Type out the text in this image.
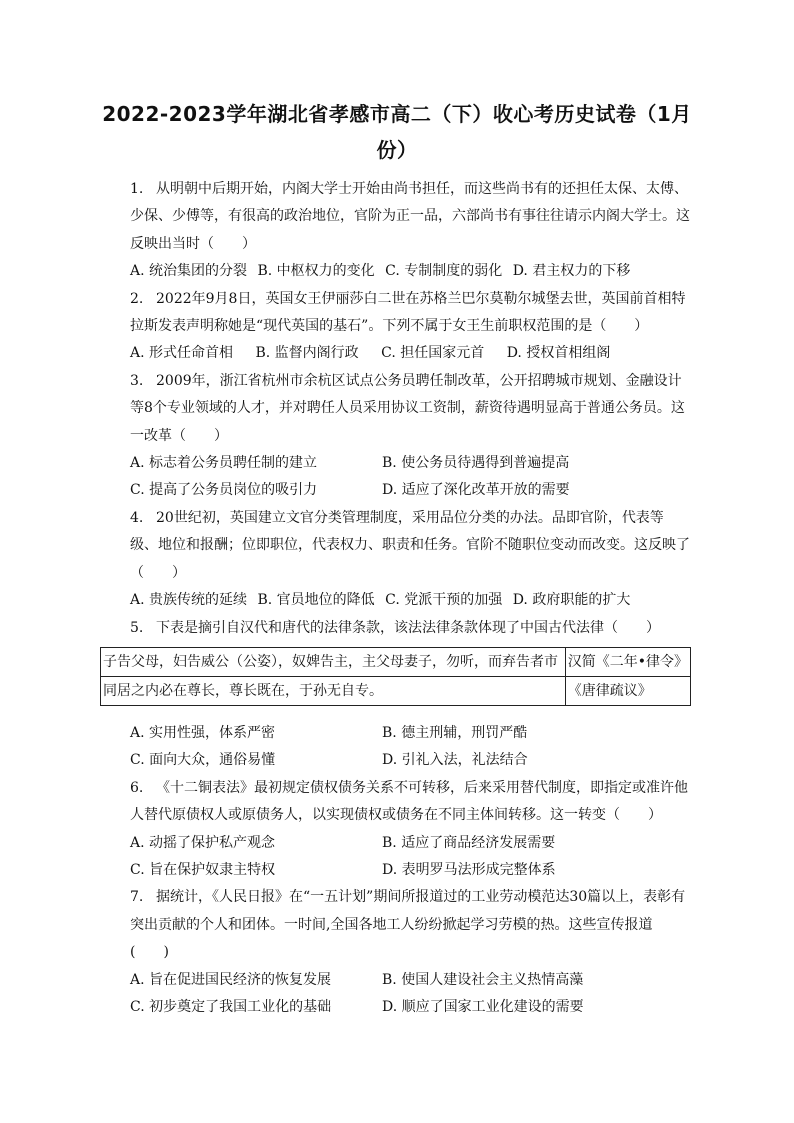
2022-2023学年湖北省孝感市高二（下）收心考历史试卷（1月
份）
1. 从明朝中后期开始，内阁大学士开始由尚书担任，而这些尚书有的还担任太保、太傅、少保、少傅等，有很高的政治地位，官阶为正一品，六部尚书有事往往请示内阁大学士。这反映出当时（　　）
A. 统治集团的分裂 B. 中枢权力的变化 C. 专制制度的弱化 D. 君主权力的下移
2. 2022年9月8日，英国女王伊丽莎白二世在苏格兰巴尔莫勒尔城堡去世，英国前首相特拉斯发表声明称她是“现代英国的基石”。下列不属于女王生前职权范围的是（　　）
A. 形式任命首相 B. 监督内阁行政 C. 担任国家元首 D. 授权首相组阁
3. 2009年，浙江省杭州市余杭区试点公务员聘任制改革，公开招聘城市规划、金融设计等8个专业领域的人才，并对聘任人员采用协议工资制，薪资待遇明显高于普通公务员。这一改革（　　）
A. 标志着公务员聘任制的建立	B. 使公务员待遇得到普遍提高
C. 提高了公务员岗位的吸引力	D. 适应了深化改革开放的需要
4. 20世纪初，英国建立文官分类管理制度，采用品位分类的办法。品即官阶，代表等级、地位和报酬；位即职位，代表权力、职责和任务。官阶不随职位变动而改变。这反映了（　　）
A. 贵族传统的延续 B. 官员地位的降低 C. 党派干预的加强 D. 政府职能的扩大
5. 下表是摘引自汉代和唐代的法律条款，该法法律条款体现了中国古代法律（　　）
子告父母，妇告威公（公姿），奴婢告主，主父母妻子，勿听，而弃告者市	汉简《二年•律令》
同居之内必在尊长，尊长既在，于孙无自专。	《唐律疏议》
A. 实用性强，体系严密	B. 德主刑辅，刑罚严酷
C. 面向大众，通俗易懂	D. 引礼入法，礼法结合
6. 《十二铜表法》最初规定债权债务关系不可转移，后来采用替代制度，即指定或准许他人替代原债权人或原债务人，以实现债权或债务在不同主体间转移。这一转变（　　）
A. 动摇了保护私产观念	B. 适应了商品经济发展需要
C. 旨在保护奴隶主特权	D. 表明罗马法形成完整体系
7. 据统计，《人民日报》在“一五计划”期间所报道过的工业劳动模范达30篇以上，表彰有突出贡献的个人和团体。一时间,全国各地工人纷纷掀起学习劳模的热。这些宣传报道(　　)
A. 旨在促进国民经济的恢复发展	B. 使国人建设社会主义热情高藻
C. 初步奠定了我国工业化的基础	D. 顺应了国家工业化建设的需要
